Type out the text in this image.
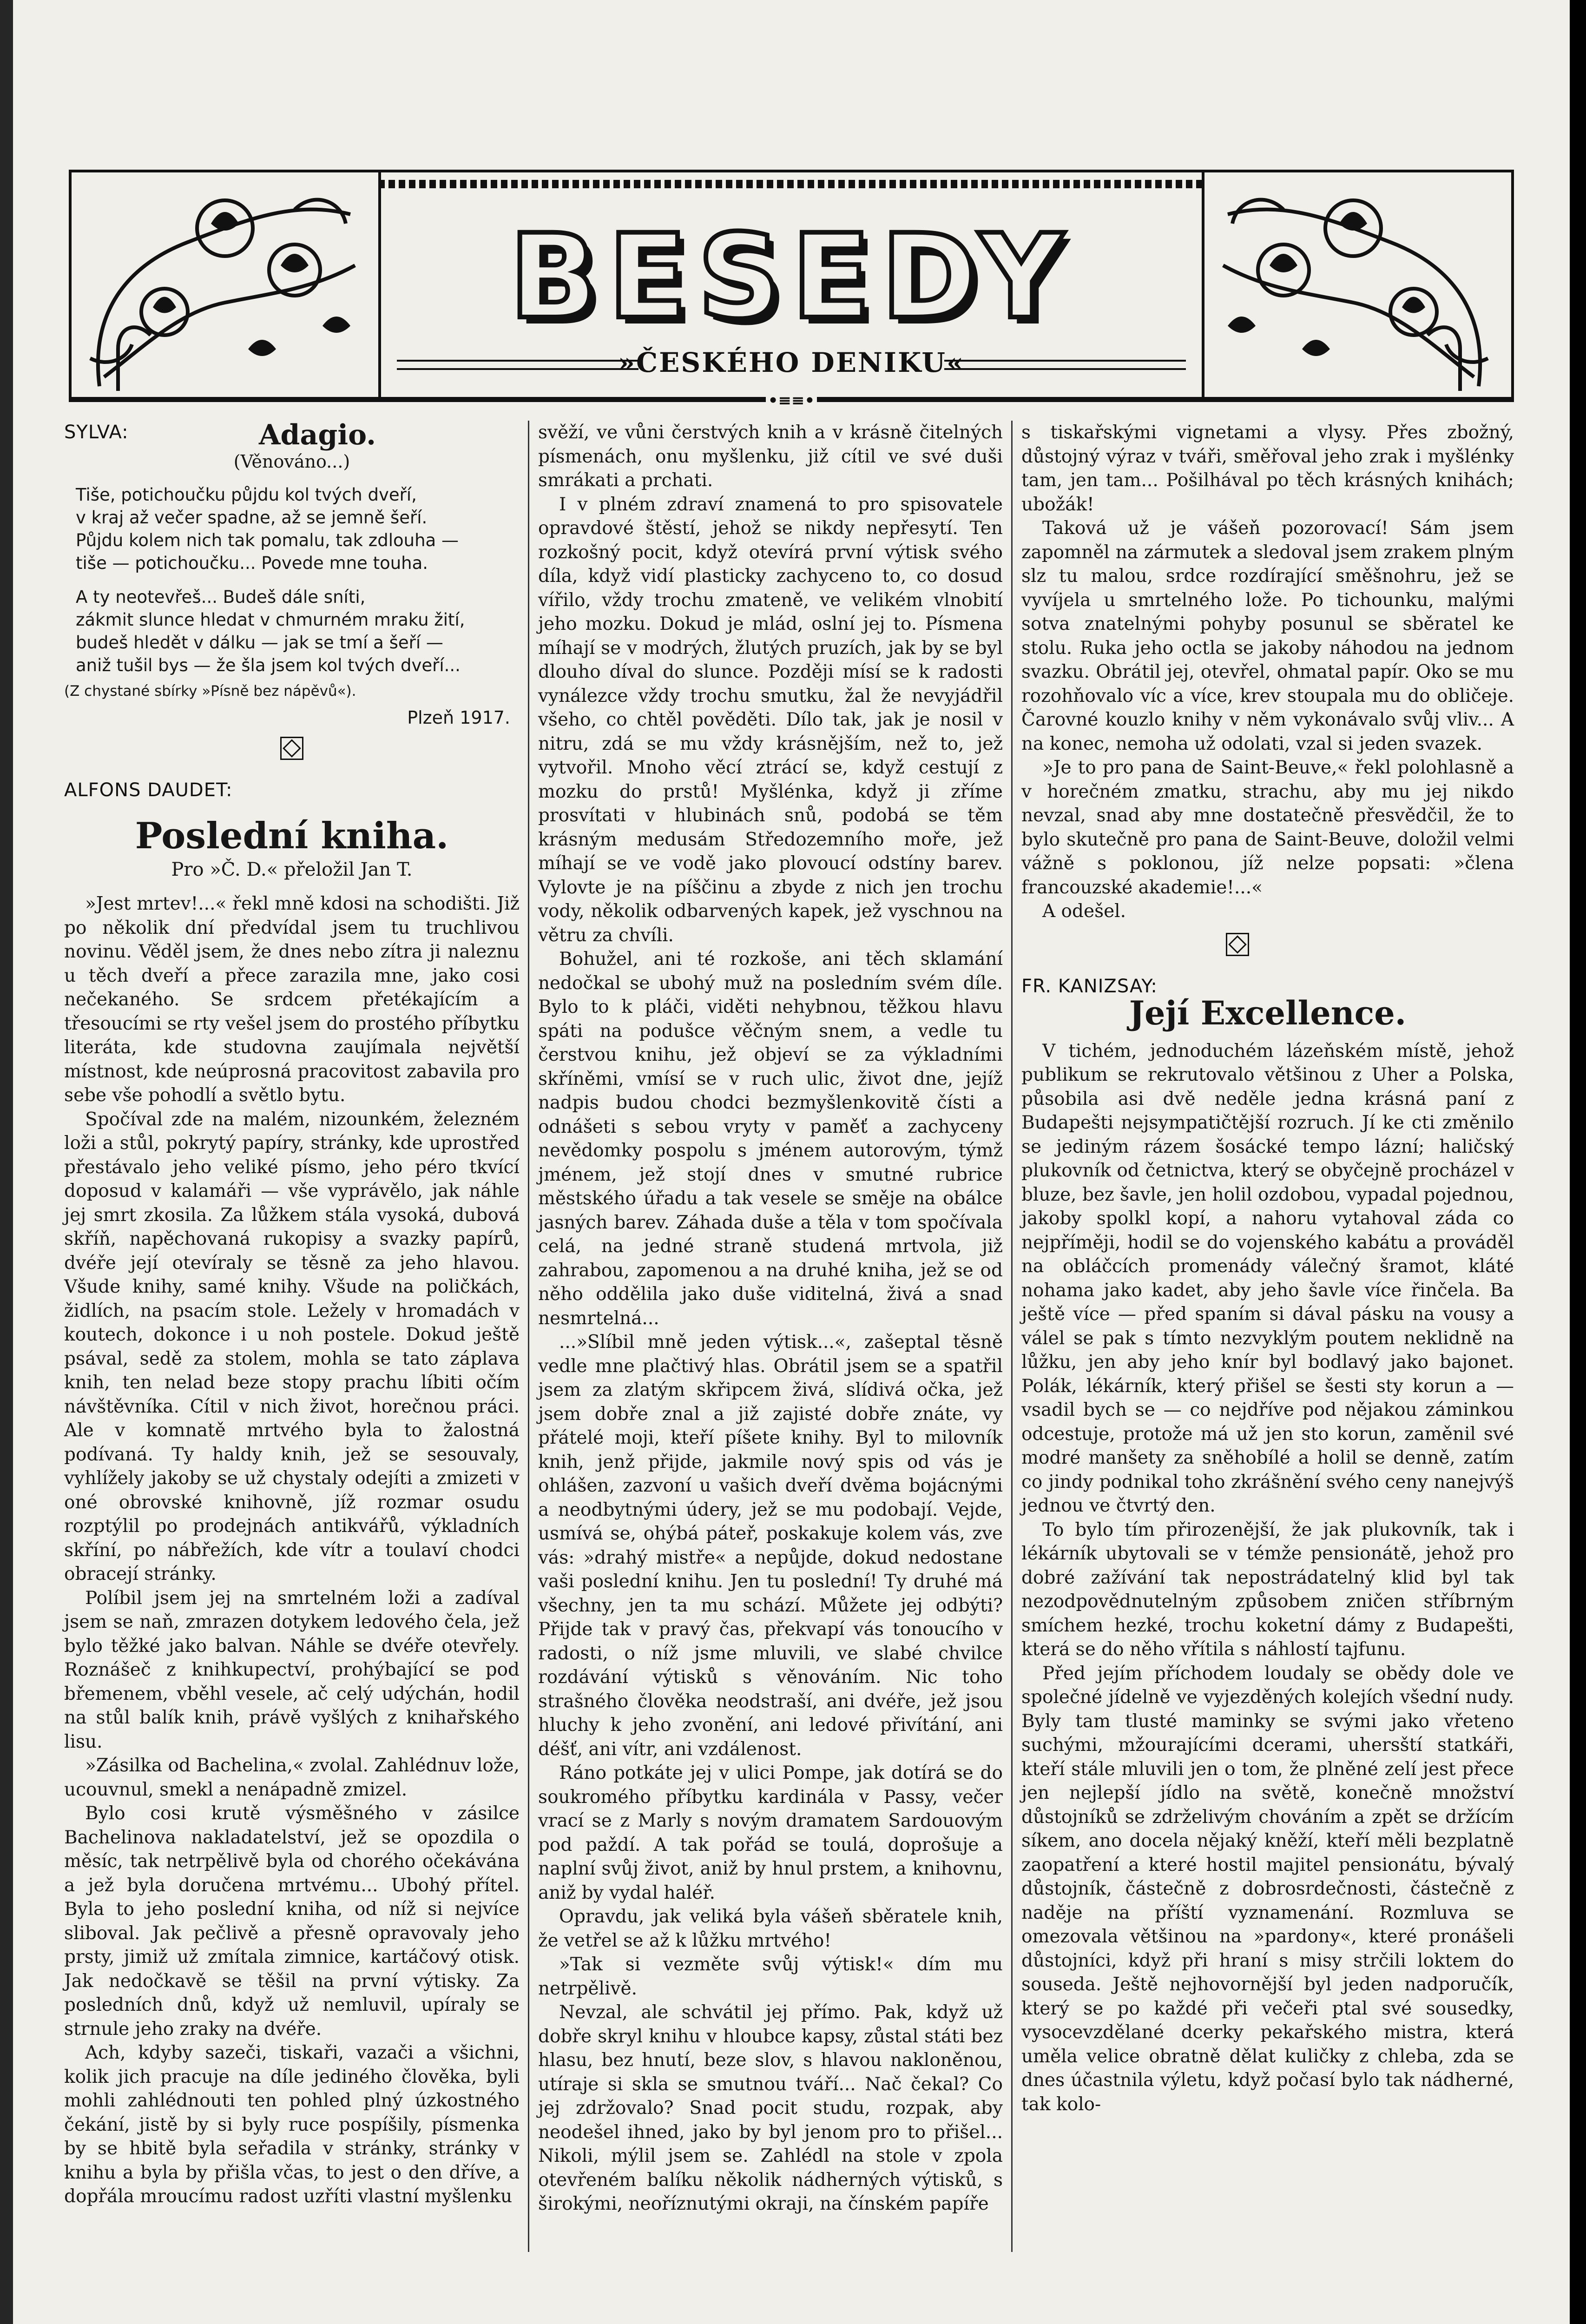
BESEDY
»ČESKÉHO DENIKU«
•≡≡•
SYLVA:	Adagio.
(Věnováno...)
Tiše, potichoučku půjdu kol tvých dveří,
v kraj až večer spadne, až se jemně šeří.
Půjdu kolem nich tak pomalu, tak zdlouha —
tiše — potichoučku... Povede mne touha.
A ty neotevřeš... Budeš dále sníti,
zákmit slunce hledat v chmurném mraku žití,
budeš hledět v dálku — jak se tmí a šeří —
aniž tušil bys — že šla jsem kol tvých dveří...
(Z chystané sbírky »Písně bez nápěvů«).
Plzeň 1917.
ALFONS DAUDET:
Poslední kniha.
Pro »Č. D.« přeložil Jan T.

»Jest mrtev!...« řekl mně kdosi na schodišti. Již po několik dní předvídal jsem tu truchlivou novinu. Věděl jsem, že dnes nebo zítra ji naleznu u těch dveří a přece zarazila mne, jako cosi nečekaného. Se srdcem přetékajícím a třesoucími se rty vešel jsem do prostého příbytku literáta, kde studovna zaujímala největší místnost, kde neúprosná pracovitost zabavila pro sebe vše pohodlí a světlo bytu.

Spočíval zde na malém, nizounkém, železném loži a stůl, pokrytý papíry, stránky, kde uprostřed přestávalo jeho veliké písmo, jeho péro tkvící doposud v kalamáři — vše vyprávělo, jak náhle jej smrt zkosila. Za lůžkem stála vysoká, dubová skříň, napěchovaná rukopisy a svazky papírů, dvéře její otevíraly se těsně za jeho hlavou. Všude knihy, samé knihy. Všude na poličkách, židlích, na psacím stole. Ležely v hromadách v koutech, dokonce i u noh postele. Dokud ještě psával, sedě za stolem, mohla se tato záplava knih, ten nelad beze stopy prachu líbiti očím návštěvníka. Cítil v nich život, horečnou práci. Ale v komnatě mrtvého byla to žalostná podívaná. Ty haldy knih, jež se sesouvaly, vyhlížely jakoby se už chystaly odejíti a zmizeti v oné obrovské knihovně, jíž rozmar osudu rozptýlil po prodejnách antikvářů, výkladních skříní, po nábřežích, kde vítr a toulaví chodci obracejí stránky.

Políbil jsem jej na smrtelném loži a zadíval jsem se naň, zmrazen dotykem ledového čela, jež bylo těžké jako balvan. Náhle se dvéře otevřely. Roznášeč z knihkupectví, prohýbající se pod břemenem, vběhl vesele, ač celý udýchán, hodil na stůl balík knih, právě vyšlých z knihařského lisu.

»Zásilka od Bachelina,« zvolal. Zahlédnuv lože, ucouvnul, smekl a nenápadně zmizel.

Bylo cosi krutě výsměšného v zásilce Bachelinova nakladatelství, jež se opozdila o měsíc, tak netrpělivě byla od chorého očekávána a jež byla doručena mrtvému... Ubohý přítel. Byla to jeho poslední kniha, od níž si nejvíce sliboval. Jak pečlivě a přesně opravovaly jeho prsty, jimiž už zmítala zimnice, kartáčový otisk. Jak nedočkavě se těšil na první výtisky. Za posledních dnů, když už nemluvil, upíraly se strnule jeho zraky na dvéře.

Ach, kdyby sazeči, tiskaři, vazači a všichni, kolik jich pracuje na díle jediného člověka, byli mohli zahlédnouti ten pohled plný úzkostného čekání, jistě by si byly ruce pospíšily, písmenka by se hbitě byla seřadila v stránky, stránky v knihu a byla by přišla včas, to jest o den dříve, a dopřála mroucímu radost uzříti vlastní myšlenku

svěží, ve vůni čerstvých knih a v krásně čitelných písmenách, onu myšlenku, již cítil ve své duši smrákati a prchati.

I v plném zdraví znamená to pro spisovatele opravdové štěstí, jehož se nikdy nepřesytí. Ten rozkošný pocit, když otevírá první výtisk svého díla, když vidí plasticky zachyceno to, co dosud vířilo, vždy trochu zmateně, ve velikém vlnobití jeho mozku. Dokud je mlád, oslní jej to. Písmena míhají se v modrých, žlutých pruzích, jak by se byl dlouho díval do slunce. Později mísí se k radosti vynálezce vždy trochu smutku, žal že nevyjádřil všeho, co chtěl pověděti. Dílo tak, jak je nosil v nitru, zdá se mu vždy krásnějším, než to, jež vytvořil. Mnoho věcí ztrácí se, když cestují z mozku do prstů! Myšlénka, když ji zříme prosvítati v hlubinách snů, podobá se těm krásným medusám Středozemního moře, jež míhají se ve vodě jako plovoucí odstíny barev. Vylovte je na píščinu a zbyde z nich jen trochu vody, několik odbarvených kapek, jež vyschnou na větru za chvíli.

Bohužel, ani té rozkoše, ani těch sklamání nedočkal se ubohý muž na posledním svém díle. Bylo to k pláči, viděti nehybnou, těžkou hlavu spáti na podušce věčným snem, a vedle tu čerstvou knihu, jež objeví se za výkladními skříněmi, vmísí se v ruch ulic, život dne, jejíž nadpis budou chodci bezmyšlenkovitě čísti a odnášeti s sebou vryty v paměť a zachyceny nevědomky pospolu s jménem autorovým, týmž jménem, jež stojí dnes v smutné rubrice městského úřadu a tak vesele se směje na obálce jasných barev. Záhada duše a těla v tom spočívala celá, na jedné straně studená mrtvola, již zahrabou, zapomenou a na druhé kniha, jež se od něho oddělila jako duše viditelná, živá a snad nesmrtelná...

...»Slíbil mně jeden výtisk...«, zašeptal těsně vedle mne plačtivý hlas. Obrátil jsem se a spatřil jsem za zlatým skřipcem živá, slídivá očka, jež jsem dobře znal a již zajisté dobře znáte, vy přátelé moji, kteří píšete knihy. Byl to milovník knih, jenž přijde, jakmile nový spis od vás je ohlášen, zazvoní u vašich dveří dvěma bojácnými a neodbytnými údery, jež se mu podobají. Vejde, usmívá se, ohýbá páteř, poskakuje kolem vás, zve vás: »drahý mistře« a nepůjde, dokud nedostane vaši poslední knihu. Jen tu poslední! Ty druhé má všechny, jen ta mu schází. Můžete jej odbýti? Přijde tak v pravý čas, překvapí vás tonoucího v radosti, o níž jsme mluvili, ve slabé chvilce rozdávání výtisků s věnováním. Nic toho strašného člověka neodstraší, ani dvéře, jež jsou hluchy k jeho zvonění, ani ledové přivítání, ani déšť, ani vítr, ani vzdálenost.

Ráno potkáte jej v ulici Pompe, jak dotírá se do soukromého příbytku kardinála v Passy, večer vrací se z Marly s novým dramatem Sardouovým pod paždí. A tak pořád se toulá, doprošuje a naplní svůj život, aniž by hnul prstem, a knihovnu, aniž by vydal haléř.

Opravdu, jak veliká byla vášeň sběratele knih, že vetřel se až k lůžku mrtvého!

»Tak si vezměte svůj výtisk!« dím mu netrpělivě.

Nevzal, ale schvátil jej přímo. Pak, když už dobře skryl knihu v hloubce kapsy, zůstal státi bez hlasu, bez hnutí, beze slov, s hlavou nakloněnou, utíraje si skla se smutnou tváří... Nač čekal? Co jej zdržovalo? Snad pocit studu, rozpak, aby neodešel ihned, jako by byl jenom pro to přišel... Nikoli, mýlil jsem se. Zahlédl na stole v zpola otevřeném balíku několik nádherných výtisků, s širokými, neoříznutými okraji, na čínském papíře

s tiskařskými vignetami a vlysy. Přes zbožný, důstojný výraz v tváři, směřoval jeho zrak i myšlénky tam, jen tam... Pošilhával po těch krásných knihách; ubožák!

Taková už je vášeň pozorovací! Sám jsem zapomněl na zármutek a sledoval jsem zrakem plným slz tu malou, srdce rozdírající směšnohru, jež se vyvíjela u smrtelného lože. Po tichounku, malými sotva znatelnými pohyby posunul se sběratel ke stolu. Ruka jeho octla se jakoby náhodou na jednom svazku. Obrátil jej, otevřel, ohmatal papír. Oko se mu rozohňovalo víc a více, krev stoupala mu do obličeje. Čarovné kouzlo knihy v něm vykonávalo svůj vliv... A na konec, nemoha už odolati, vzal si jeden svazek.

»Je to pro pana de Saint-Beuve,« řekl polohlasně a v horečném zmatku, strachu, aby mu jej nikdo nevzal, snad aby mne dostatečně přesvědčil, že to bylo skutečně pro pana de Saint-Beuve, doložil velmi vážně s poklonou, jíž nelze popsati: »člena francouzské akademie!...«

A odešel.

FR. KANIZSAY:
Její Excellence.

V tichém, jednoduchém lázeňském místě, jehož publikum se rekrutovalo většinou z Uher a Polska, působila asi dvě neděle jedna krásná paní z Budapešti nejsympatičtější rozruch. Jí ke cti změnilo se jediným rázem šosácké tempo lázní; haličský plukovník od četnictva, který se obyčejně procházel v bluze, bez šavle, jen holil ozdobou, vypadal pojednou, jakoby spolkl kopí, a nahoru vytahoval záda co nejpříměji, hodil se do vojenského kabátu a prováděl na obláčcích promenády válečný šramot, kláté nohama jako kadet, aby jeho šavle více řinčela. Ba ještě více — před spaním si dával pásku na vousy a válel se pak s tímto nezvyklým poutem neklidně na lůžku, jen aby jeho knír byl bodlavý jako bajonet. Polák, lékárník, který přišel se šesti sty korun a — vsadil bych se — co nejdříve pod nějakou záminkou odcestuje, protože má už jen sto korun, zaměnil své modré manšety za sněhobílé a holil se denně, zatím co jindy podnikal toho zkrášnění svého ceny nanejvýš jednou ve čtvrtý den.

To bylo tím přirozenější, že jak plukovník, tak i lékárník ubytovali se v témže pensionátě, jehož pro dobré zažívání tak nepostrádatelný klid byl tak nezodpovědnutelným způsobem zničen stříbrným smíchem hezké, trochu koketní dámy z Budapešti, která se do něho vřítila s náhlostí tajfunu.

Před jejím příchodem loudaly se obědy dole ve společné jídelně ve vyjezděných kolejích všední nudy. Byly tam tlusté maminky se svými jako vřeteno suchými, mžourajícími dcerami, uhersští statkáři, kteří stále mluvili jen o tom, že plněné zelí jest přece jen nejlepší jídlo na světě, konečně množství důstojníků se zdrželivým chováním a zpět se držícím síkem, ano docela nějaký kněží, kteří měli bezplatně zaopatření a které hostil majitel pensionátu, bývalý důstojník, částečně z dobrosrdečnosti, částečně z naděje na příští vyznamenání. Rozmluva se omezovala většinou na »pardony«, které pronášeli důstojníci, když při hraní s misy strčili loktem do souseda. Ještě nejhovornější byl jeden nadporučík, který se po každé při večeři ptal své sousedky, vysocevzdělané dcerky pekařského mistra, která uměla velice obratně dělat kuličky z chleba, zda se dnes účastnila výletu, když počasí bylo tak nádherné, tak kolo-
